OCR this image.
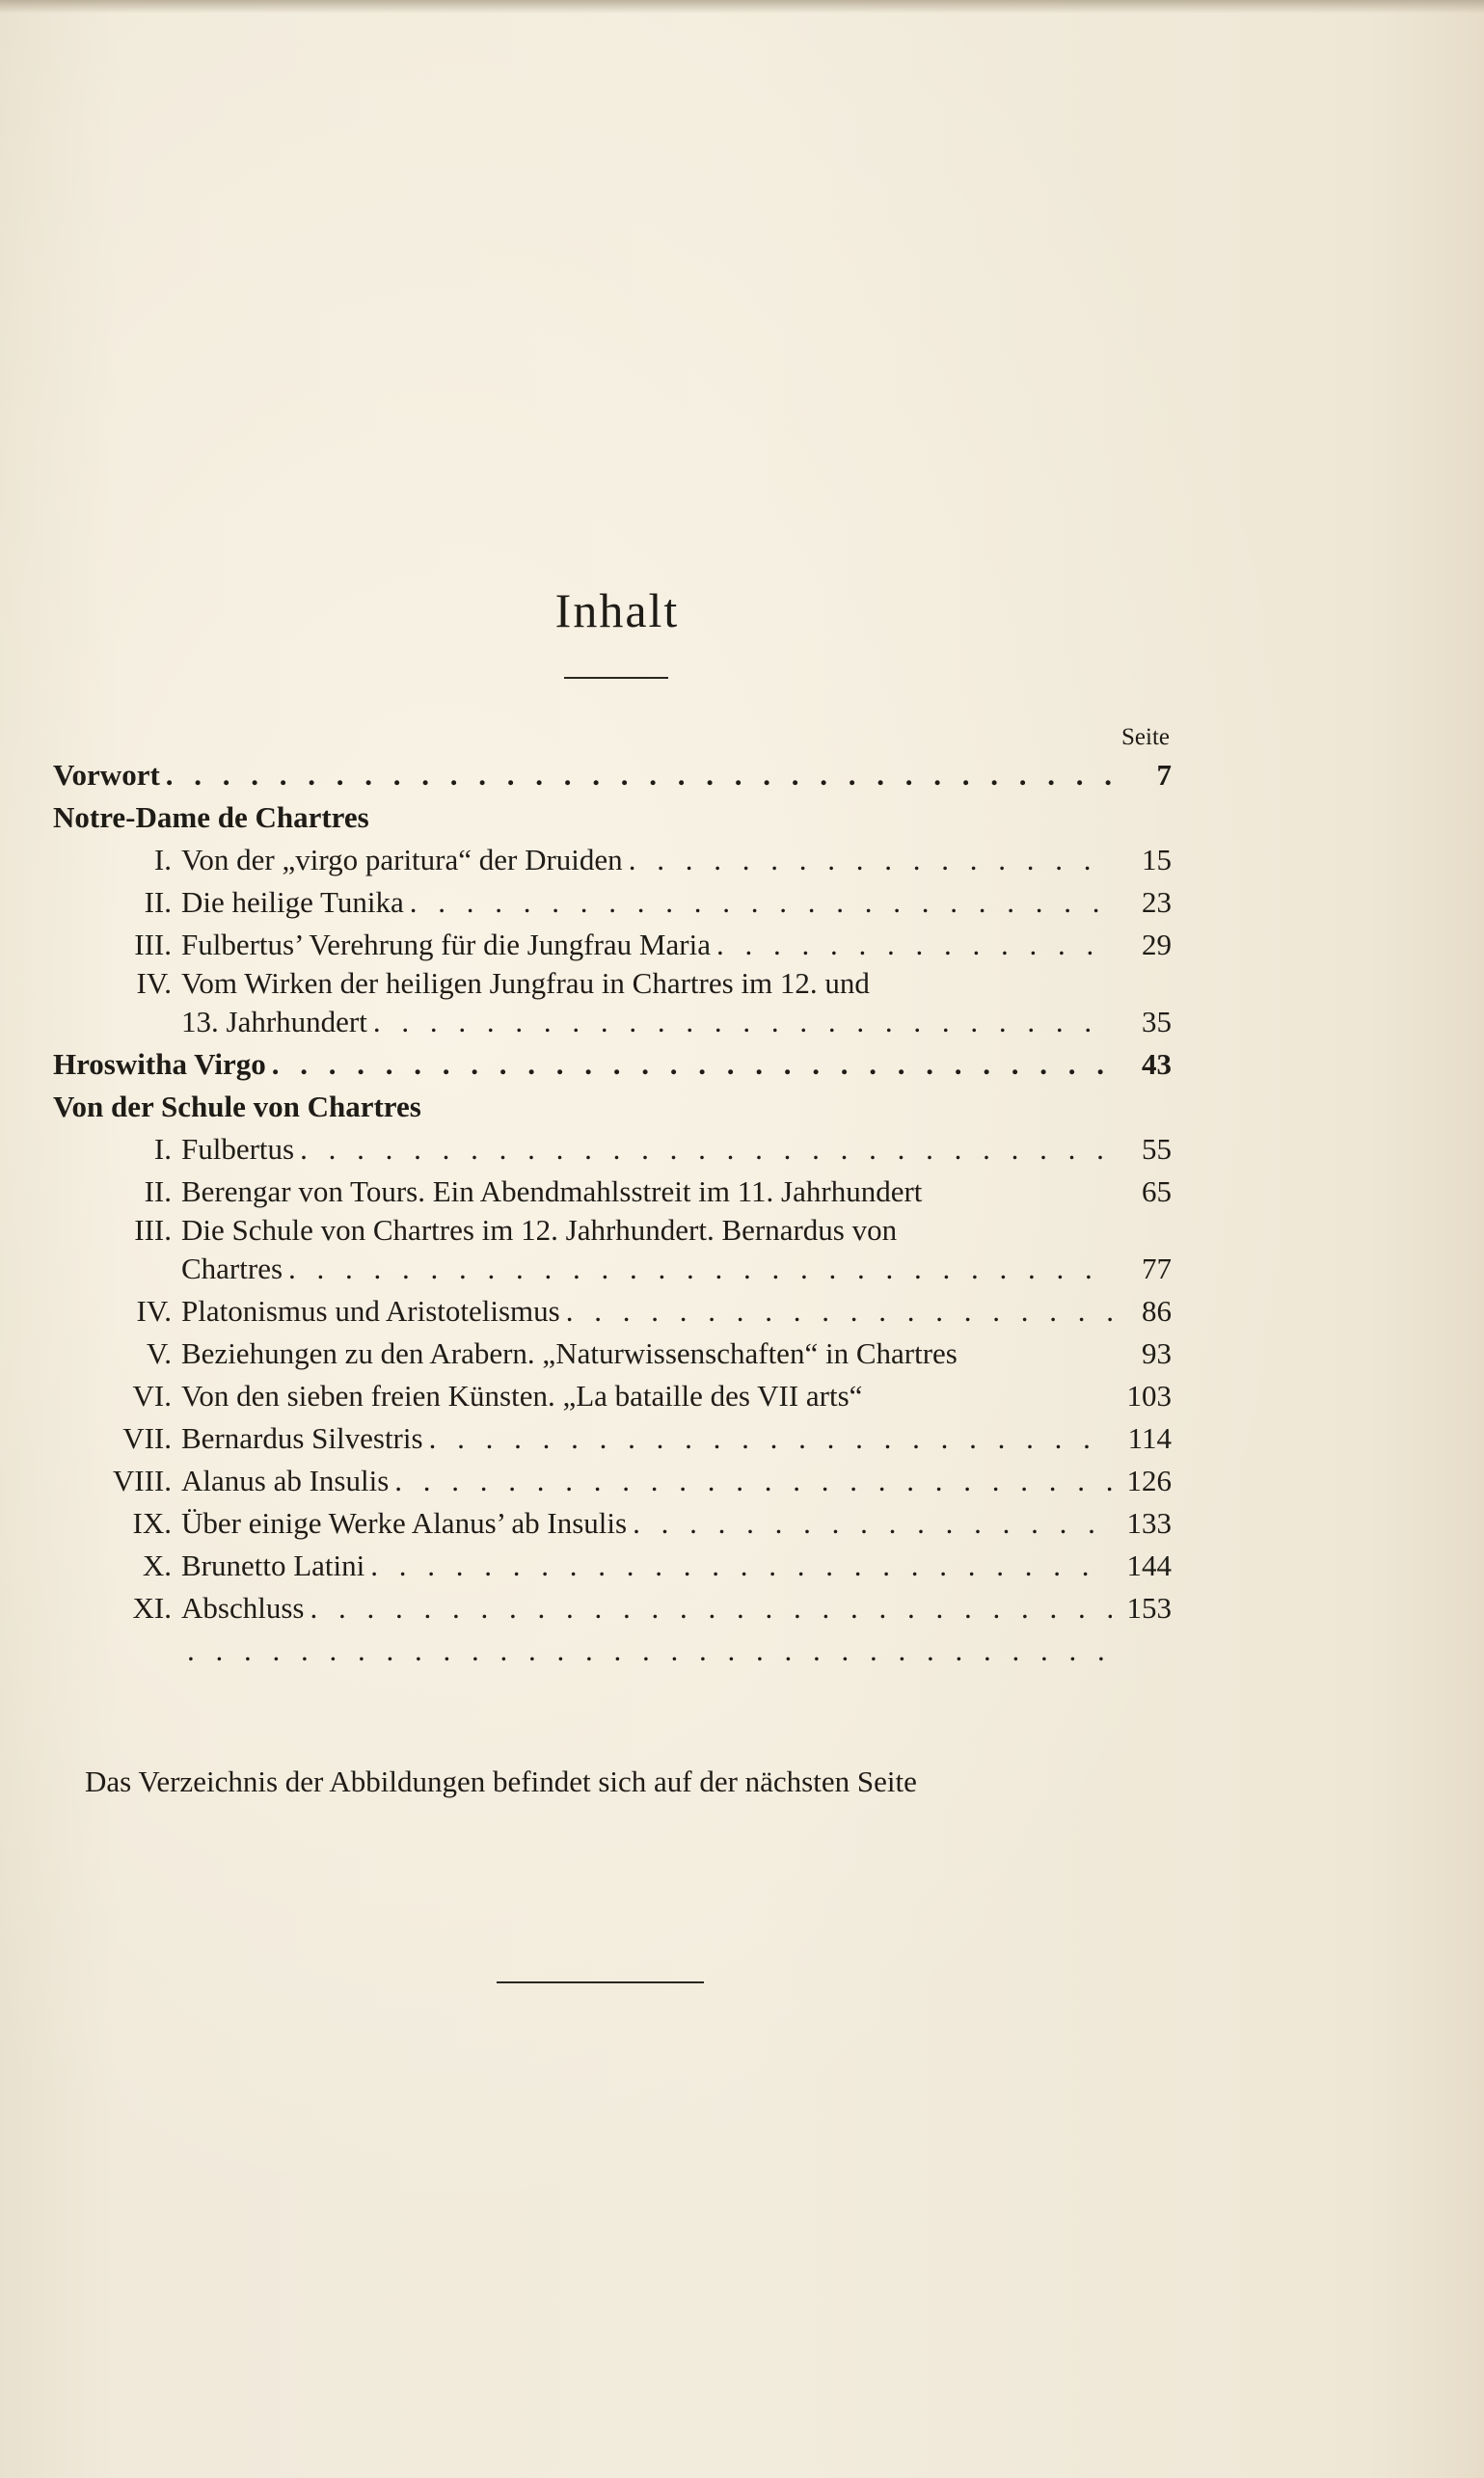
Inhalt
Seite
Vorwort . . .	7
Notre-Dame de Chartres
I. Von der „virgo paritura“ der Druiden . . .	15
II. Die heilige Tunika . . .	23
III. Fulbertus’ Verehrung für die Jungfrau Maria . . .	29
IV. Vom Wirken der heiligen Jungfrau in Chartres im 12. und
13. Jahrhundert . . .	35
Hroswitha Virgo . . .	43
Von der Schule von Chartres
I. Fulbertus . . .	55
II. Berengar von Tours. Ein Abendmahlsstreit im 11. Jahrhundert	65
III. Die Schule von Chartres im 12. Jahrhundert. Bernardus von
Chartres . . .	77
IV. Platonismus und Aristotelismus . . .	86
V. Beziehungen zu den Arabern. „Naturwissenschaften“ in Chartres	93
VI. Von den sieben freien Künsten. „La bataille des VII arts“	103
VII. Bernardus Silvestris . . .	114
VIII. Alanus ab Insulis . . .	126
IX. Über einige Werke Alanus’ ab Insulis . . .	133
X. Brunetto Latini . . .	144
XI. Abschluss . . .	153
. . .
Das Verzeichnis der Abbildungen befindet sich auf der nächsten Seite
